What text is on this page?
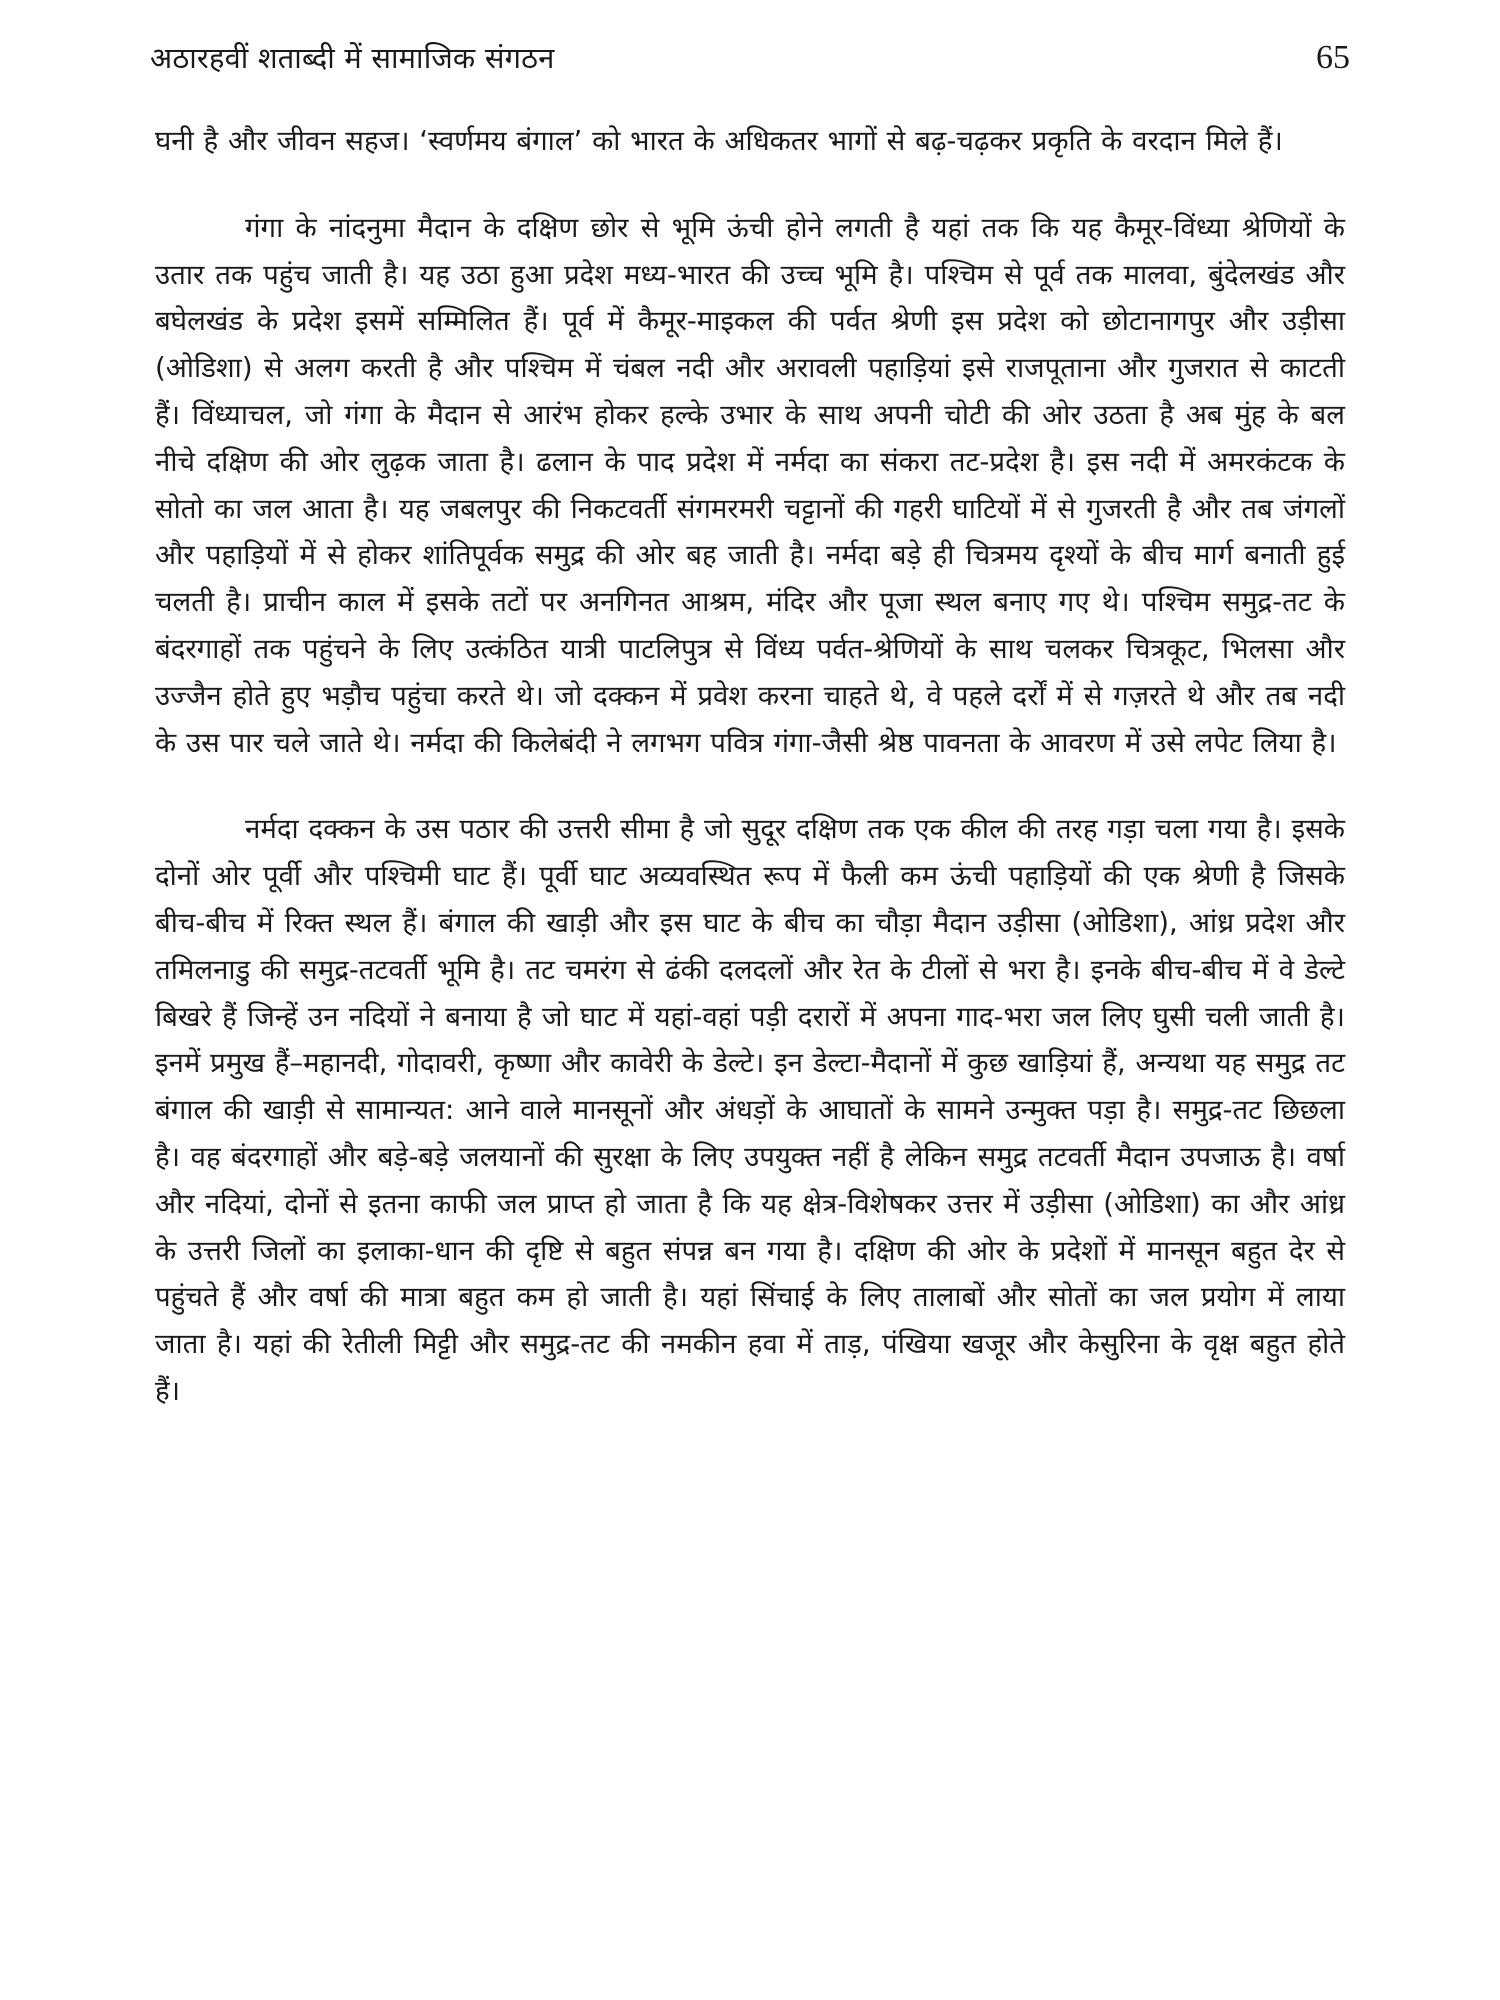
अठारहवीं शताब्दी में सामाजिक संगठन	65

घनी है और जीवन सहज। ‘स्वर्णमय बंगाल’ को भारत के अधिकतर भागों से बढ़-चढ़कर प्रकृति के वरदान मिले हैं।

गंगा के नांदनुमा मैदान के दक्षिण छोर से भूमि ऊंची होने लगती है यहां तक कि यह कैमूर-विंध्या श्रेणियों के उतार तक पहुंच जाती है। यह उठा हुआ प्रदेश मध्य-भारत की उच्च भूमि है। पश्चिम से पूर्व तक मालवा, बुंदेलखंड और बघेलखंड के प्रदेश इसमें सम्मिलित हैं। पूर्व में कैमूर-माइकल की पर्वत श्रेणी इस प्रदेश को छोटानागपुर और उड़ीसा (ओडिशा) से अलग करती है और पश्चिम में चंबल नदी और अरावली पहाड़ियां इसे राजपूताना और गुजरात से काटती हैं। विंध्याचल, जो गंगा के मैदान से आरंभ होकर हल्के उभार के साथ अपनी चोटी की ओर उठता है अब मुंह के बल नीचे दक्षिण की ओर लुढ़क जाता है। ढलान के पाद प्रदेश में नर्मदा का संकरा तट-प्रदेश है। इस नदी में अमरकंटक के सोतो का जल आता है। यह जबलपुर की निकटवर्ती संगमरमरी चट्टानों की गहरी घाटियों में से गुजरती है और तब जंगलों और पहाड़ियों में से होकर शांतिपूर्वक समुद्र की ओर बह जाती है। नर्मदा बड़े ही चित्रमय दृश्यों के बीच मार्ग बनाती हुई चलती है। प्राचीन काल में इसके तटों पर अनगिनत आश्रम, मंदिर और पूजा स्थल बनाए गए थे। पश्चिम समुद्र-तट के बंदरगाहों तक पहुंचने के लिए उत्कंठित यात्री पाटलिपुत्र से विंध्य पर्वत-श्रेणियों के साथ चलकर चित्रकूट, भिलसा और उज्जैन होते हुए भड़ौच पहुंचा करते थे। जो दक्कन में प्रवेश करना चाहते थे, वे पहले दर्रों में से गज़रते थे और तब नदी के उस पार चले जाते थे। नर्मदा की किलेबंदी ने लगभग पवित्र गंगा-जैसी श्रेष्ठ पावनता के आवरण में उसे लपेट लिया है।

नर्मदा दक्कन के उस पठार की उत्तरी सीमा है जो सुदूर दक्षिण तक एक कील की तरह गड़ा चला गया है। इसके दोनों ओर पूर्वी और पश्चिमी घाट हैं। पूर्वी घाट अव्यवस्थित रूप में फैली कम ऊंची पहाड़ियों की एक श्रेणी है जिसके बीच-बीच में रिक्त स्थल हैं। बंगाल की खाड़ी और इस घाट के बीच का चौड़ा मैदान उड़ीसा (ओडिशा), आंध्र प्रदेश और तमिलनाडु की समुद्र-तटवर्ती भूमि है। तट चमरंग से ढंकी दलदलों और रेत के टीलों से भरा है। इनके बीच-बीच में वे डेल्टे बिखरे हैं जिन्हें उन नदियों ने बनाया है जो घाट में यहां-वहां पड़ी दरारों में अपना गाद-भरा जल लिए घुसी चली जाती है। इनमें प्रमुख हैं–महानदी, गोदावरी, कृष्णा और कावेरी के डेल्टे। इन डेल्टा-मैदानों में कुछ खाड़ियां हैं, अन्यथा यह समुद्र तट बंगाल की खाड़ी से सामान्यत: आने वाले मानसूनों और अंधड़ों के आघातों के सामने उन्मुक्त पड़ा है। समुद्र-तट छिछला है। वह बंदरगाहों और बड़े-बड़े जलयानों की सुरक्षा के लिए उपयुक्त नहीं है लेकिन समुद्र तटवर्ती मैदान उपजाऊ है। वर्षा और नदियां, दोनों से इतना काफी जल प्राप्त हो जाता है कि यह क्षेत्र-विशेषकर उत्तर में उड़ीसा (ओडिशा) का और आंध्र के उत्तरी जिलों का इलाका-धान की दृष्टि से बहुत संपन्न बन गया है। दक्षिण की ओर के प्रदेशों में मानसून बहुत देर से पहुंचते हैं और वर्षा की मात्रा बहुत कम हो जाती है। यहां सिंचाई के लिए तालाबों और सोतों का जल प्रयोग में लाया जाता है। यहां की रेतीली मिट्टी और समुद्र-तट की नमकीन हवा में ताड़, पंखिया खजूर और केसुरिना के वृक्ष बहुत होते हैं।
